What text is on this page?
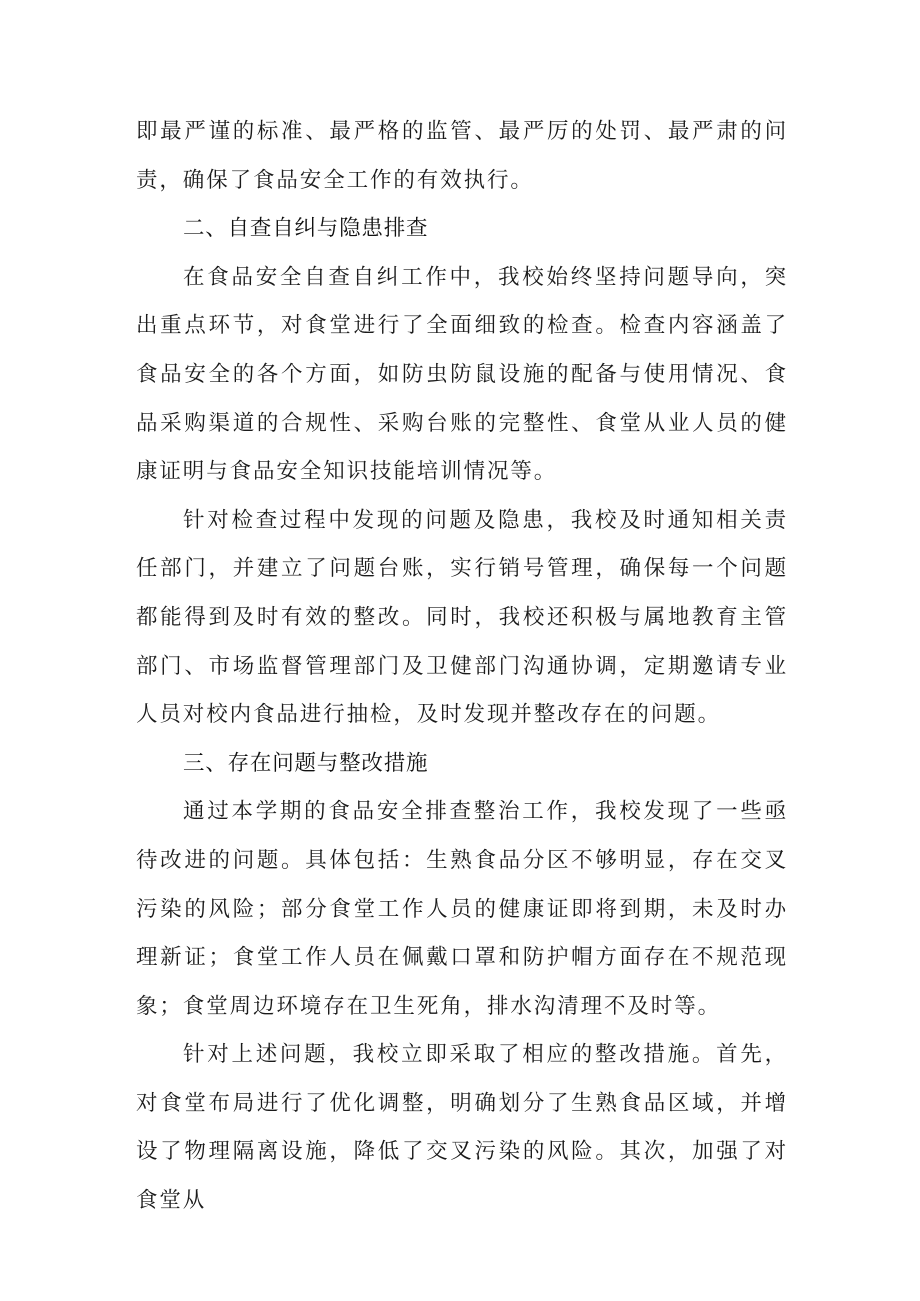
即最严谨的标准、最严格的监管、最严厉的处罚、最严肃的问责，确保了食品安全工作的有效执行。

二、自查自纠与隐患排查

在食品安全自查自纠工作中，我校始终坚持问题导向，突出重点环节，对食堂进行了全面细致的检查。检查内容涵盖了食品安全的各个方面，如防虫防鼠设施的配备与使用情况、食品采购渠道的合规性、采购台账的完整性、食堂从业人员的健康证明与食品安全知识技能培训情况等。

针对检查过程中发现的问题及隐患，我校及时通知相关责任部门，并建立了问题台账，实行销号管理，确保每一个问题都能得到及时有效的整改。同时，我校还积极与属地教育主管部门、市场监督管理部门及卫健部门沟通协调，定期邀请专业人员对校内食品进行抽检，及时发现并整改存在的问题。

三、存在问题与整改措施

通过本学期的食品安全排查整治工作，我校发现了一些亟待改进的问题。具体包括：生熟食品分区不够明显，存在交叉污染的风险；部分食堂工作人员的健康证即将到期，未及时办理新证；食堂工作人员在佩戴口罩和防护帽方面存在不规范现象；食堂周边环境存在卫生死角，排水沟清理不及时等。

针对上述问题，我校立即采取了相应的整改措施。首先，对食堂布局进行了优化调整，明确划分了生熟食品区域，并增设了物理隔离设施，降低了交叉污染的风险。其次，加强了对食堂从
